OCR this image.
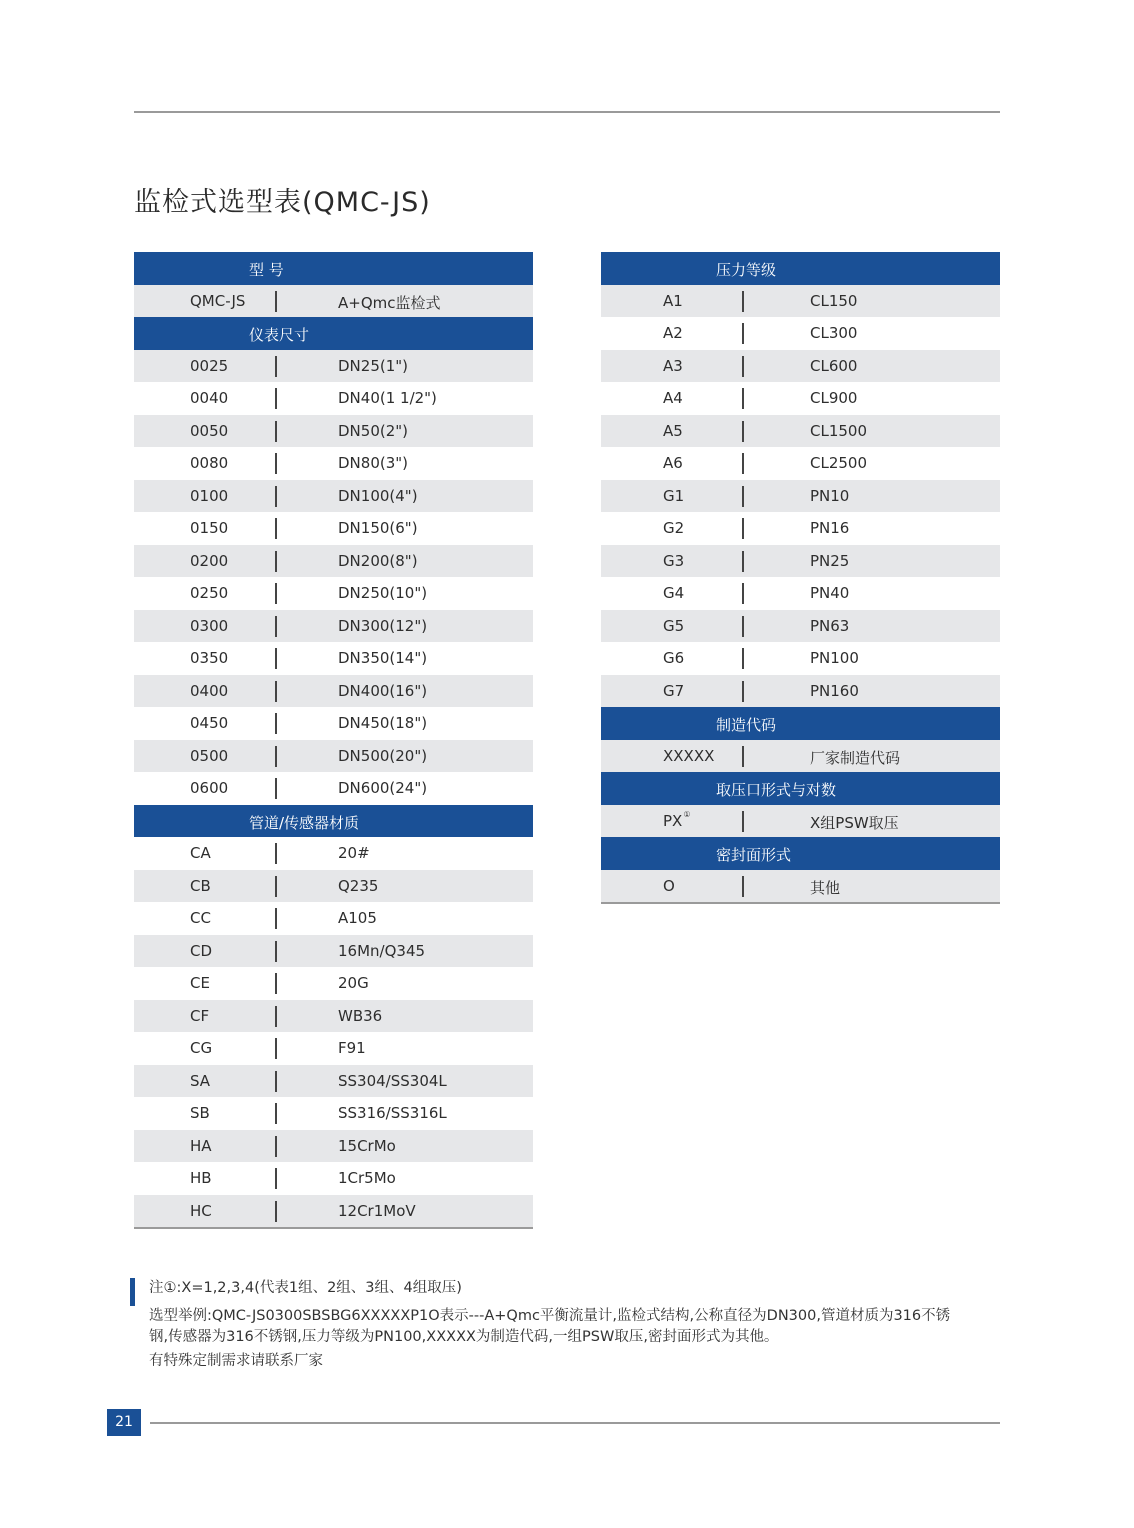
监检式选型表(QMC-JS)
型 号
QMC-JS	A+Qmc监检式
仪表尺寸
0025	DN25(1")
0040	DN40(1 1/2")
0050	DN50(2")
0080	DN80(3")
0100	DN100(4")
0150	DN150(6")
0200	DN200(8")
0250	DN250(10")
0300	DN300(12")
0350	DN350(14")
0400	DN400(16")
0450	DN450(18")
0500	DN500(20")
0600	DN600(24")
管道/传感器材质
CA	20#
CB	Q235
CC	A105
CD	16Mn/Q345
CE	20G
CF	WB36
CG	F91
SA	SS304/SS304L
SB	SS316/SS316L
HA	15CrMo
HB	1Cr5Mo
HC	12Cr1MoV
压力等级
A1	CL150
A2	CL300
A3	CL600
A4	CL900
A5	CL1500
A6	CL2500
G1	PN10
G2	PN16
G3	PN25
G4	PN40
G5	PN63
G6	PN100
G7	PN160
制造代码
XXXXX	厂家制造代码
取压口形式与对数
PX①	X组PSW取压
密封面形式
O	其他
注①:X=1,2,3,4(代表1组、2组、3组、4组取压)
选型举例:QMC-JS0300SBSBG6XXXXXP1O表示---A+Qmc平衡流量计,监检式结构,公称直径为DN300,管道材质为316不锈
钢,传感器为316不锈钢,压力等级为PN100,XXXXX为制造代码,一组PSW取压,密封面形式为其他。
有特殊定制需求请联系厂家
21
